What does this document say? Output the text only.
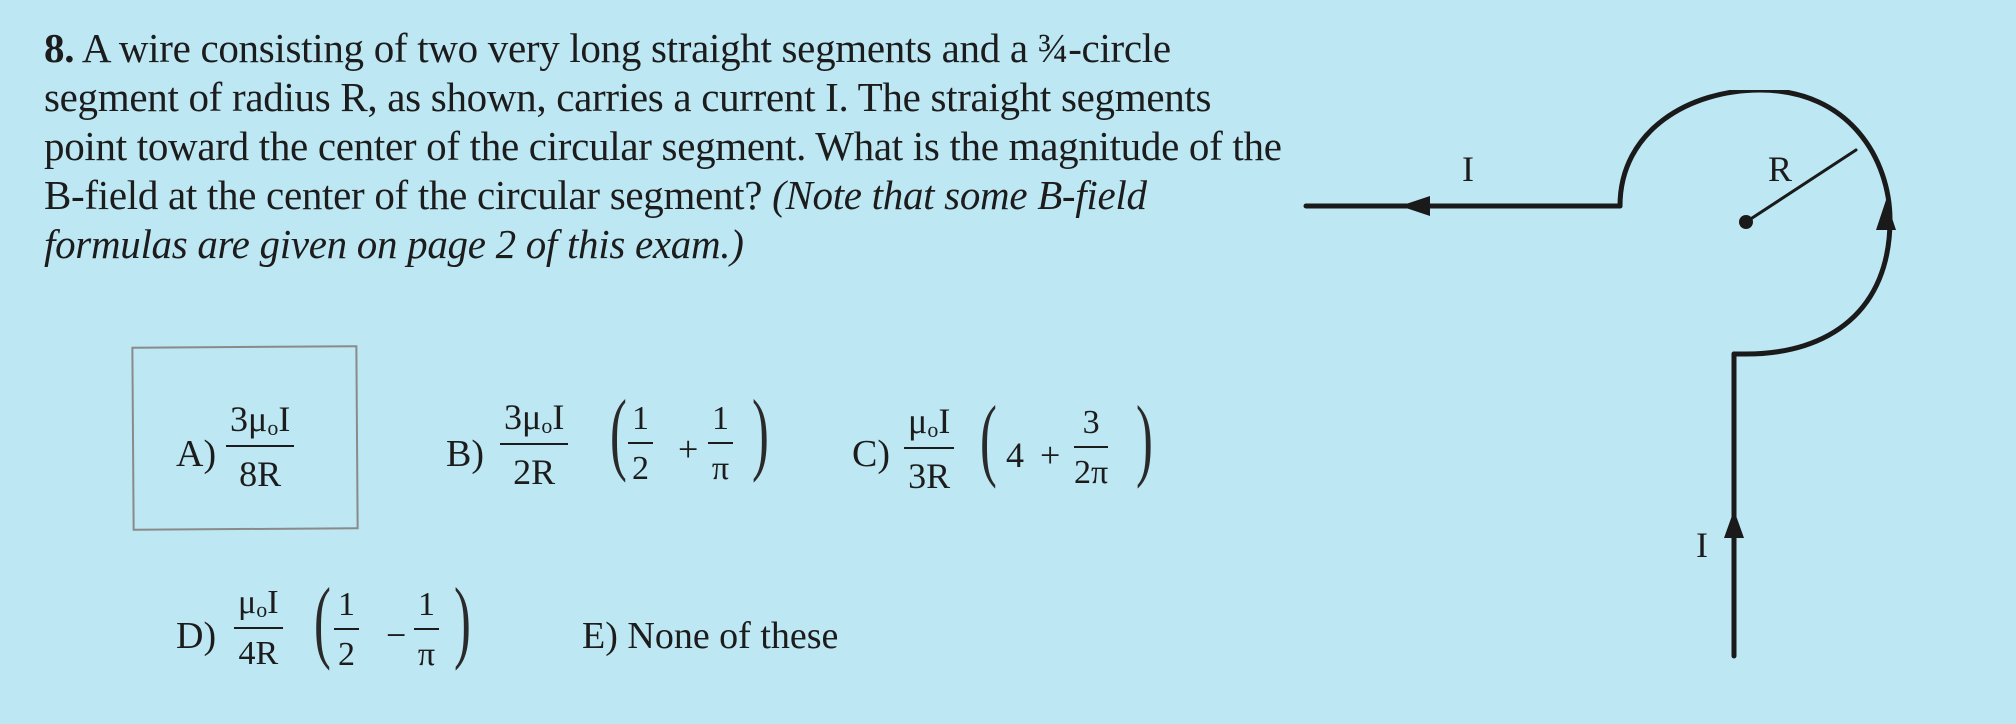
8. A wire consisting of two very long straight segments and a ¾-circle segment of radius R, as shown, carries a current I. The straight segments point toward the center of the circular segment. What is the magnitude of the B-field at the center of the circular segment? (Note that some B-field formulas are given on page 2 of this exam.)
A)
3μoI
8R	B)
3μoI
2R ( $\frac{1}{2} + \frac{1}{\pi}$ ) C)
μoI
3R ( $4 + \frac{3}{2\pi}$ )
D)
μoI
4R ( $\frac{1}{2} - \frac{1}{\pi}$ )	E) None of these
I	R
I
